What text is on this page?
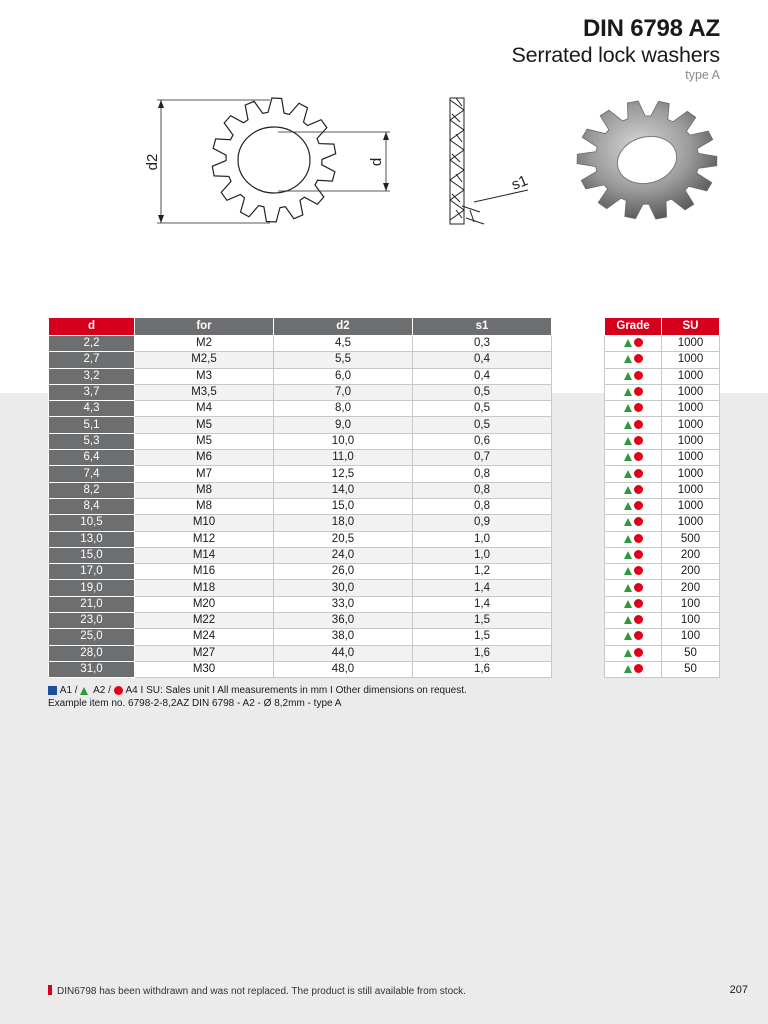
DIN 6798 AZ
Serrated lock washers
type A
d2	d
s1
d	for	d2	s1
2,2	M2	4,5	0,3
2,7	M2,5	5,5	0,4
3,2	M3	6,0	0,4
3,7	M3,5	7,0	0,5
4,3	M4	8,0	0,5
5,1	M5	9,0	0,5
5,3	M5	10,0	0,6
6,4	M6	11,0	0,7
7,4	M7	12,5	0,8
8,2	M8	14,0	0,8
8,4	M8	15,0	0,8
10,5	M10	18,0	0,9
13,0	M12	20,5	1,0
15,0	M14	24,0	1,0
17,0	M16	26,0	1,2
19,0	M18	30,0	1,4
21,0	M20	33,0	1,4
23,0	M22	36,0	1,5
25,0	M24	38,0	1,5
28,0	M27	44,0	1,6
31,0	M30	48,0	1,6
Grade	SU
	1000
	1000
	1000
	1000
	1000
	1000
	1000
	1000
	1000
	1000
	1000
	1000
	500
	200
	200
	200
	100
	100
	100
	50
	50
A1 / A2 / A4 I SU: Sales unit I All measurements in mm I Other dimensions on request.
Example item no. 6798-2-8,2AZ DIN 6798 - A2 - Ø 8,2mm - type A
DIN6798 has been withdrawn and was not replaced. The product is still available from stock.	207
